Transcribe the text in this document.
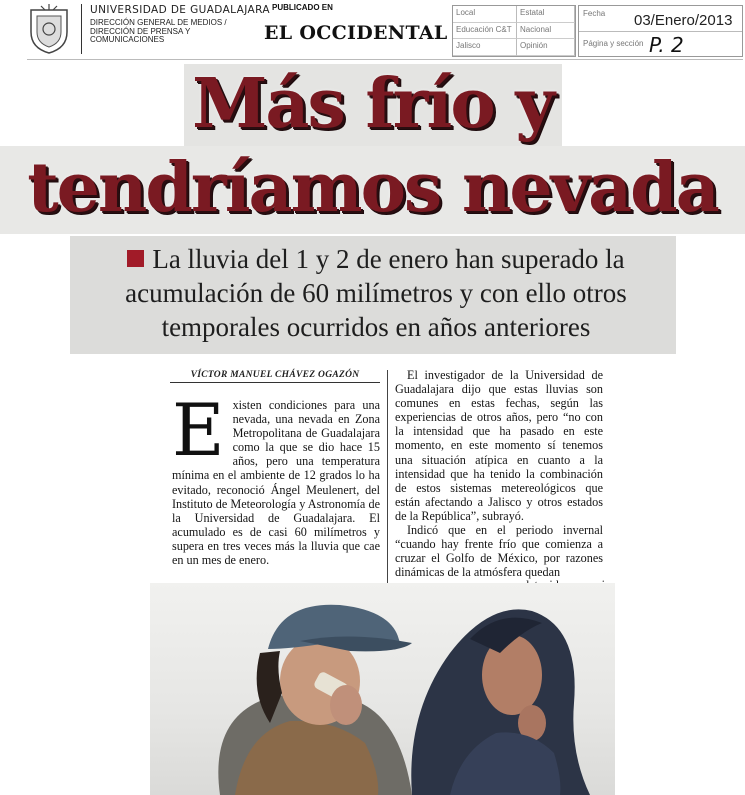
UNIVERSIDAD DE GUADALAJARA
DIRECCIÓN GENERAL DE MEDIOS /
DIRECCIÓN DE PRENSA Y
COMUNICACIONES
PUBLICADO EN
EL OCCIDENTAL
Local	Estatal
Educación C&T	Nacional
Jalisco	Opinión
Fecha 03/Enero/2013
Página y sección P. 2
Más frío y
tendríamos nevada

La lluvia del 1 y 2 de enero han superado la acumulación de 60 milímetros y con ello otros temporales ocurridos en años anteriores

VÍCTOR MANUEL CHÁVEZ OGAZÓN

Existen condiciones para una nevada, una nevada en Zona Metropolitana de Guadalajara como la que se dio hace 15 años, pero una temperatura mínima en el ambiente de 12 grados lo ha evitado, reconoció Ángel Meulenert, del Instituto de Meteorología y Astronomía de la Universidad de Guadalajara. El acumulado es de casi 60 milímetros y supera en tres veces más la lluvia que cae en un mes de enero.

El investigador de la Universidad de Guadalajara dijo que estas lluvias son comunes en estas fechas, según las experiencias de otros años, pero “no con la intensidad que ha pasado en este momento, en este momento sí tenemos una situación atípica en cuanto a la intensidad que ha tenido la combinación de estos sistemas metereológicos que están afectando a Jalisco y otros estados de la República”, subrayó.
Indicó que en el periodo invernal “cuando hay frente frío que comienza a cruzar el Golfo de México, por razones dinámicas de la atmósfera quedan
